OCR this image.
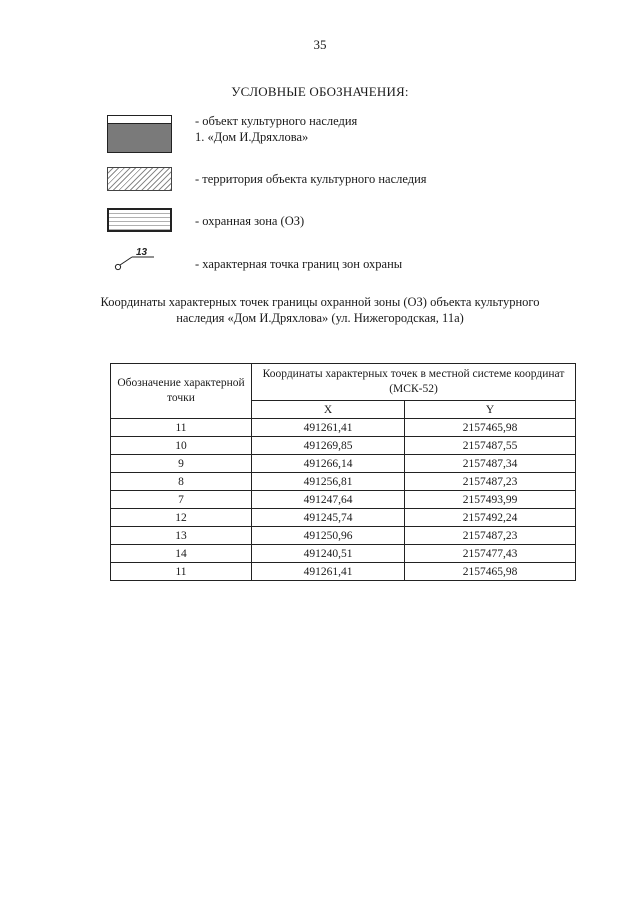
35
УСЛОВНЫЕ ОБОЗНАЧЕНИЯ:
- объект культурного наследия
1. «Дом И.Дряхлова»
- территория объекта культурного наследия
- охранная зона (ОЗ)
13
- характерная точка границ зон охраны
Координаты характерных точек границы охранной зоны (ОЗ) объекта культурного
наследия «Дом И.Дряхлова» (ул. Нижегородская, 11а)
Обозначение характерной точки	Координаты характерных точек в местной системе координат (МСК-52)	
	X	Y
11	491261,41	2157465,98
10	491269,85	2157487,55
9	491266,14	2157487,34
8	491256,81	2157487,23
7	491247,64	2157493,99
12	491245,74	2157492,24
13	491250,96	2157487,23
14	491240,51	2157477,43
11	491261,41	2157465,98
